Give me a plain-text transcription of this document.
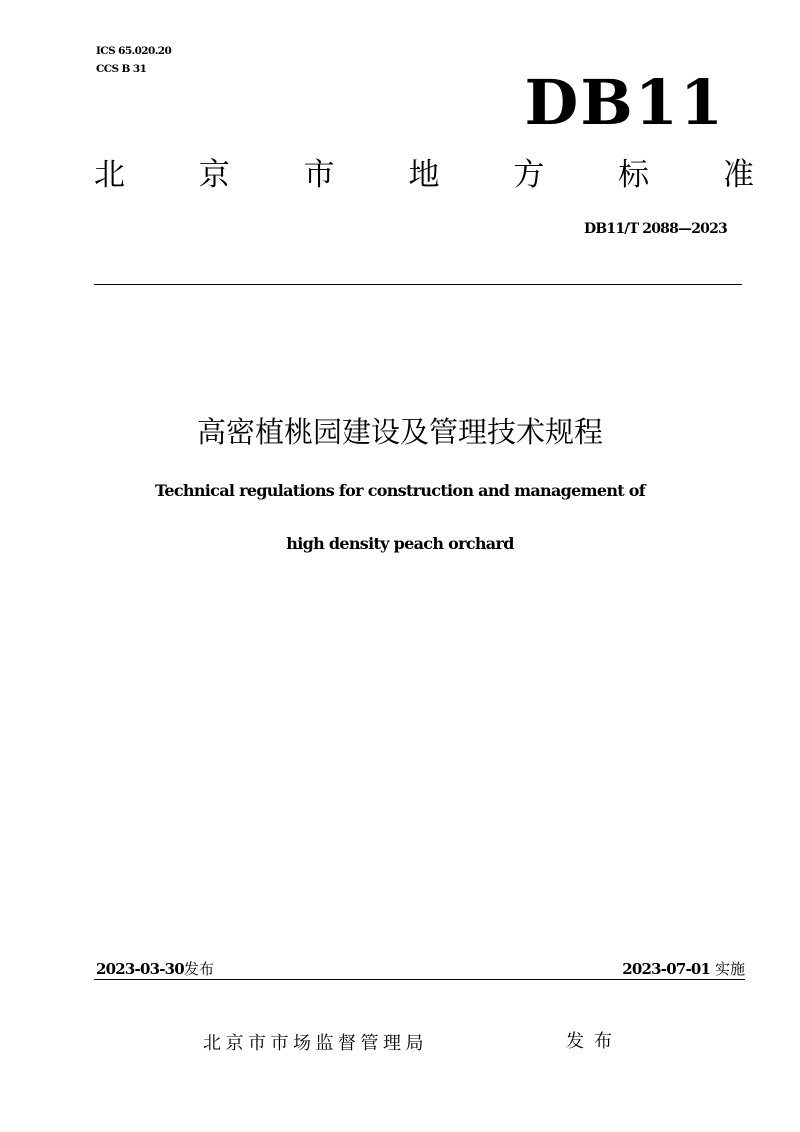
ICS 65.020.20
CCS B 31	DB11
北 京 市 地 方 标 准
DB11/T 2088—2023
高密植桃园建设及管理技术规程
Technical regulations for construction and management of
high density peach orchard
2023-03-30发布	2023-07-01 实施
北京市市场监督管理局	发布
